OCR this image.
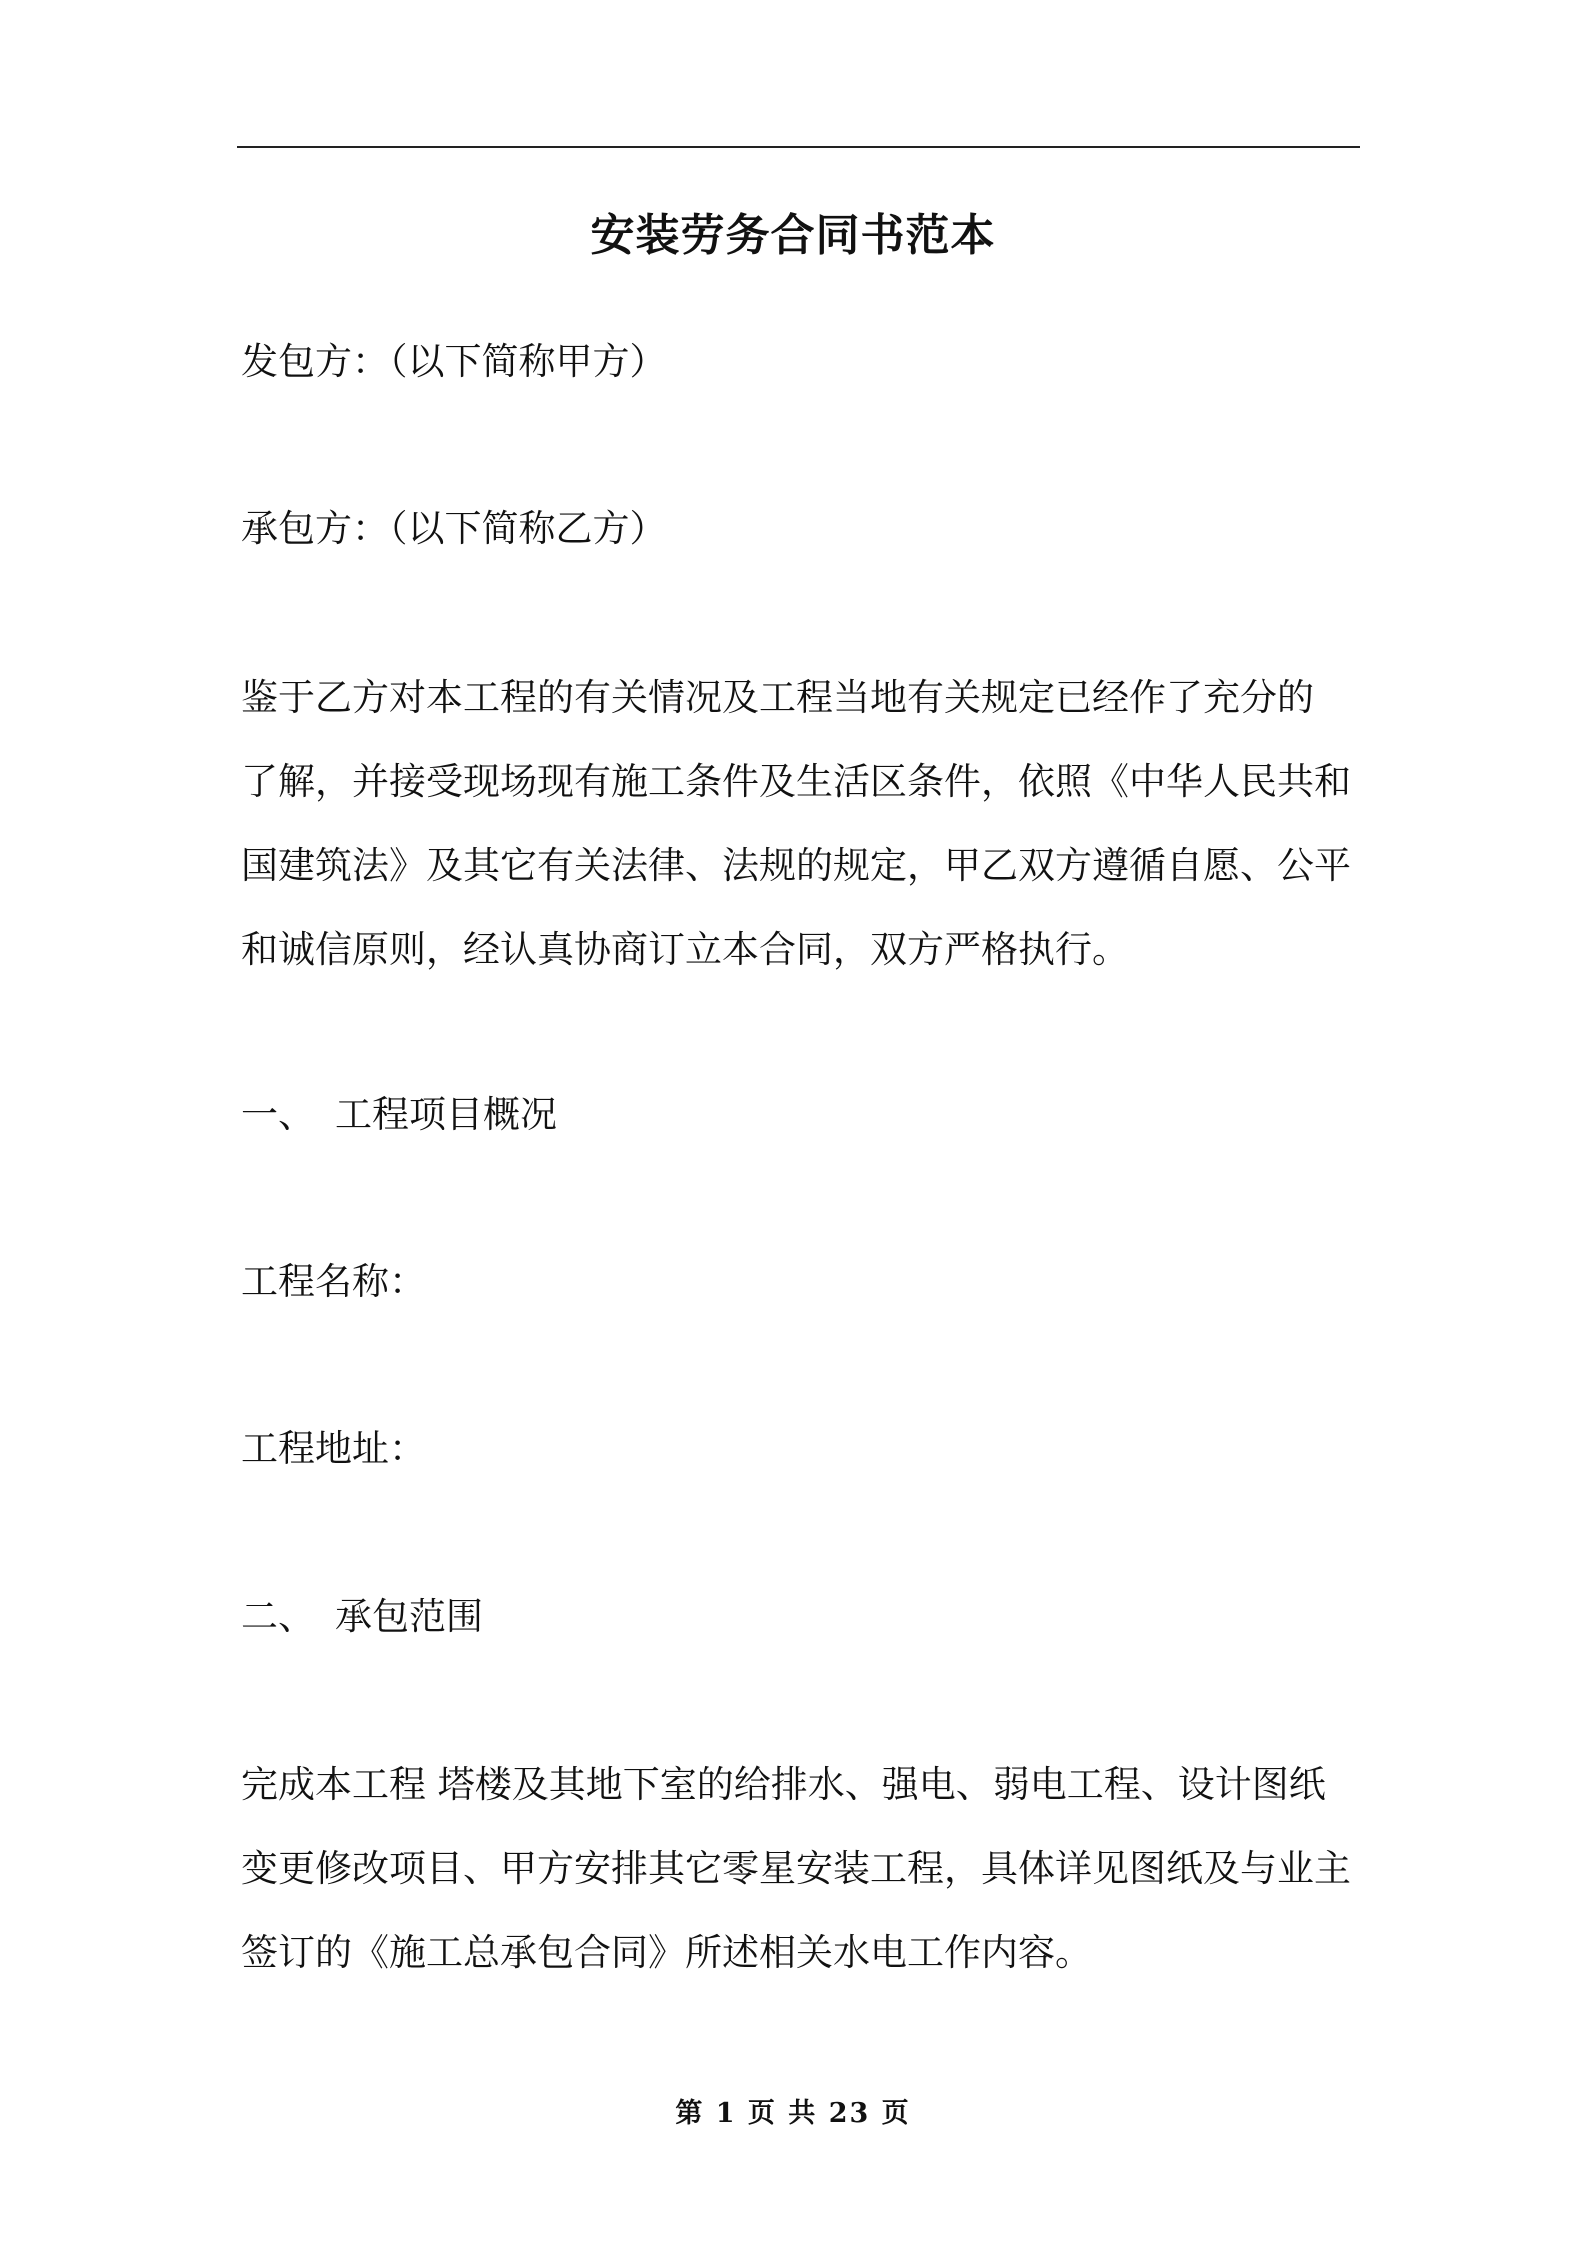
安装劳务合同书范本

发包方：（以下简称甲方）

承包方：（以下简称乙方）

鉴于乙方对本工程的有关情况及工程当地有关规定已经作了充分的
了解，并接受现场现有施工条件及生活区条件，依照《中华人民共和
国建筑法》及其它有关法律、法规的规定，甲乙双方遵循自愿、公平
和诚信原则，经认真协商订立本合同，双方严格执行。

一、 工程项目概况

工程名称：

工程地址：

二、 承包范围

完成本工程 塔楼及其地下室的给排水、强电、弱电工程、设计图纸
变更修改项目、甲方安排其它零星安装工程，具体详见图纸及与业主
签订的《施工总承包合同》所述相关水电工作内容。
第 1 页 共 23 页
